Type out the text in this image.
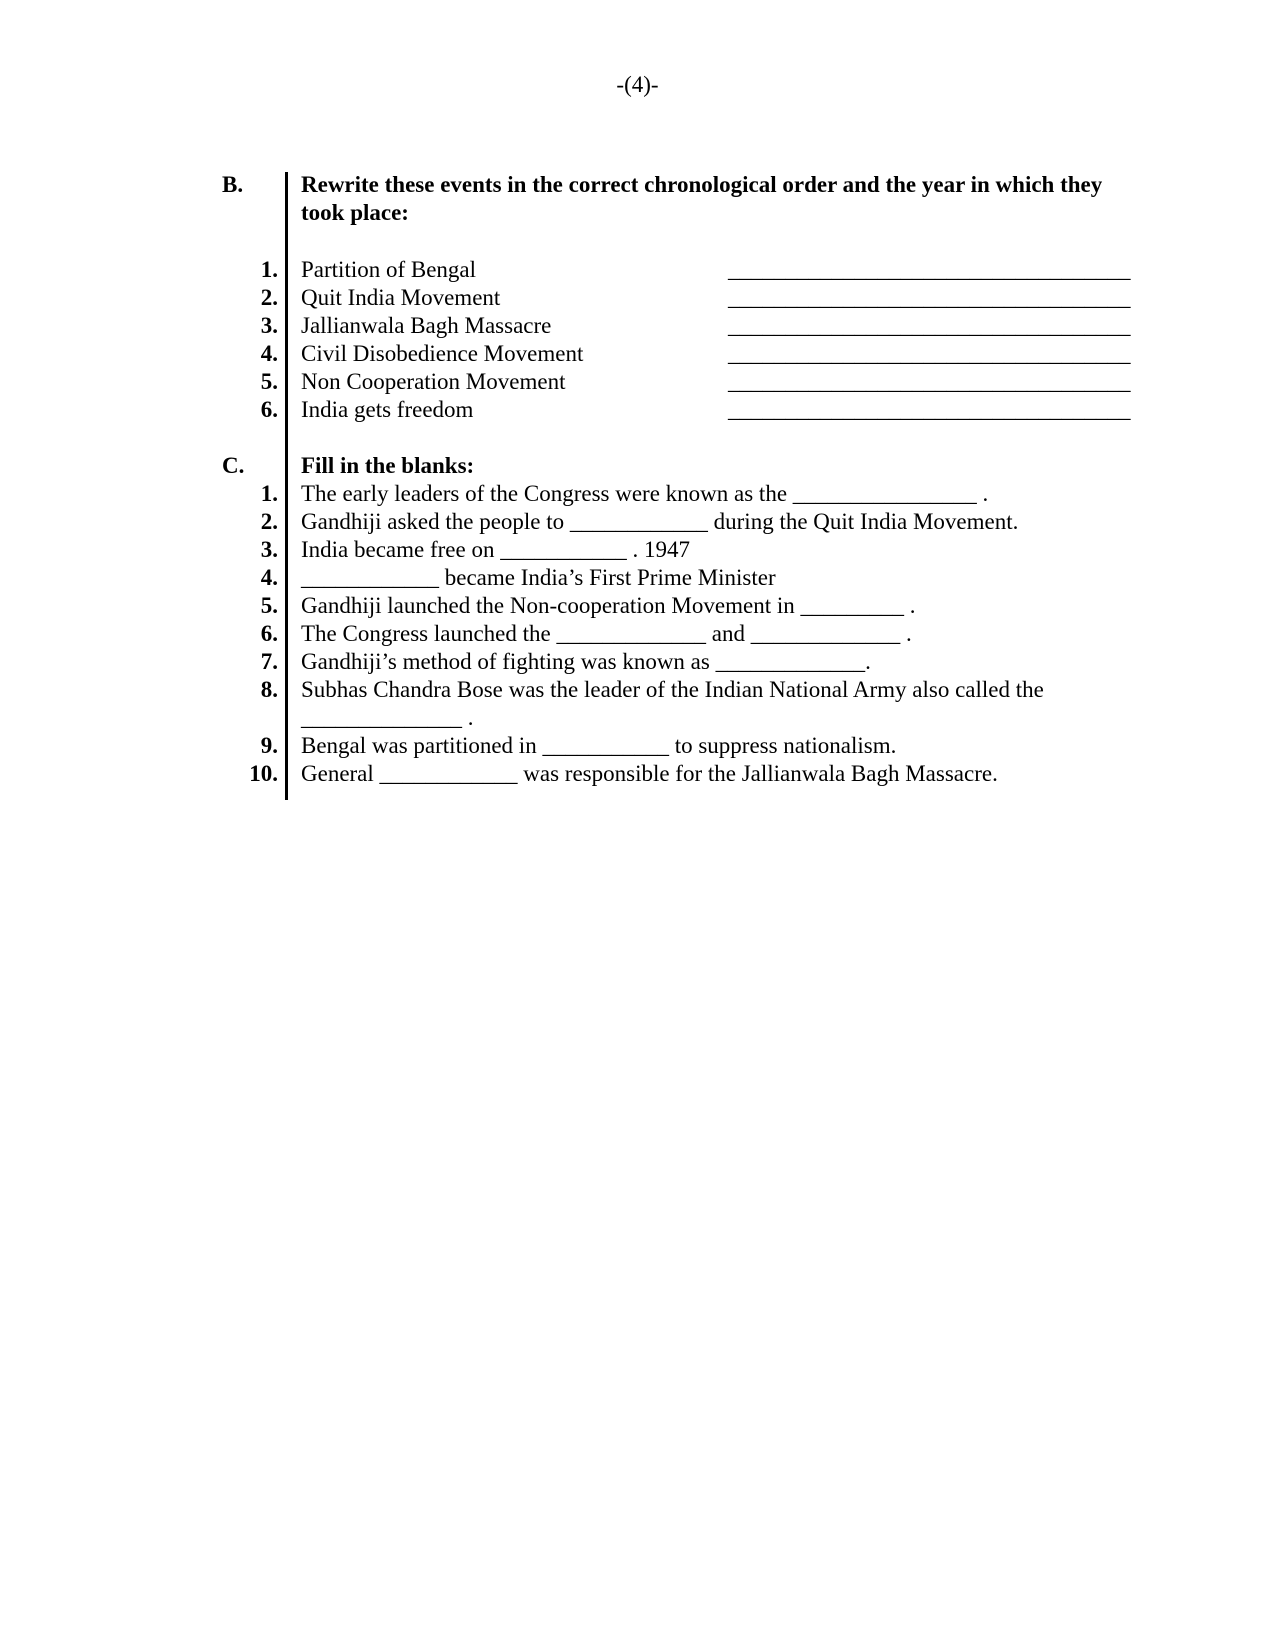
-(4)-
B.	Rewrite these events in the correct chronological order and the year in which they
took place:
1. Partition of Bengal	___________________________________
2. Quit India Movement	___________________________________
3. Jallianwala Bagh Massacre	___________________________________
4. Civil Disobedience Movement	___________________________________
5. Non Cooperation Movement	___________________________________
6. India gets freedom	___________________________________
C. Fill in the blanks:
1. The early leaders of the Congress were known as the ________________ .
2. Gandhiji asked the people to ____________ during the Quit India Movement.
3. India became free on ___________ . 1947
4. ____________ became India’s First Prime Minister
5. Gandhiji launched the Non-cooperation Movement in _________ .
6. The Congress launched the _____________ and _____________ .
7. Gandhiji’s method of fighting was known as _____________.
8. Subhas Chandra Bose was the leader of the Indian National Army also called the
______________ .
9. Bengal was partitioned in ___________ to suppress nationalism.
10. General ____________ was responsible for the Jallianwala Bagh Massacre.
